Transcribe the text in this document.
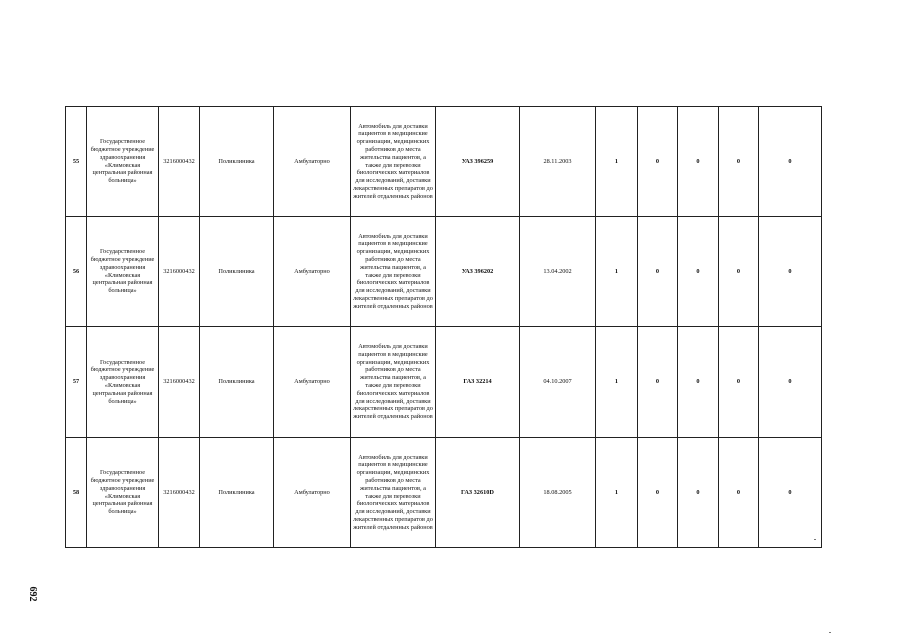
55	Государственное бюджетное учреждение здравоохранения «Климовская центральная районная больница»	3216000432	Поликлиника	Амбулаторно	Автомобиль для доставки пациентов в медицинские организации, медицинских работников до места жительства пациентов, а также для перевозки биологических материалов для исследований, доставки лекарственных препаратов до жителей отдаленных районов	УАЗ 396259	28.11.2003	1	0	0	0	0
56	Государственное бюджетное учреждение здравоохранения «Климовская центральная районная больница»	3216000432	Поликлиника	Амбулаторно	Автомобиль для доставки пациентов в медицинские организации, медицинских работников до места жительства пациентов, а также для перевозки биологических материалов для исследований, доставки лекарственных препаратов до жителей отдаленных районов	УАЗ 396202	13.04.2002	1	0	0	0	0
57	Государственное бюджетное учреждение здравоохранения «Климовская центральная районная больница»	3216000432	Поликлиника	Амбулаторно	Автомобиль для доставки пациентов в медицинские организации, медицинских работников до места жительства пациентов, а также для перевозки биологических материалов для исследований, доставки лекарственных препаратов до жителей отдаленных районов	ГАЗ 32214	04.10.2007	1	0	0	0	0
58	Государственное бюджетное учреждение здравоохранения «Климовская центральная районная больница»	3216000432	Поликлиника	Амбулаторно	Автомобиль для доставки пациентов в медицинские организации, медицинских работников до места жительства пациентов, а также для перевозки биологических материалов для исследований, доставки лекарственных препаратов до жителей отдаленных районов	ГАЗ 32610D	18.08.2005	1	0	0	0	0
692
